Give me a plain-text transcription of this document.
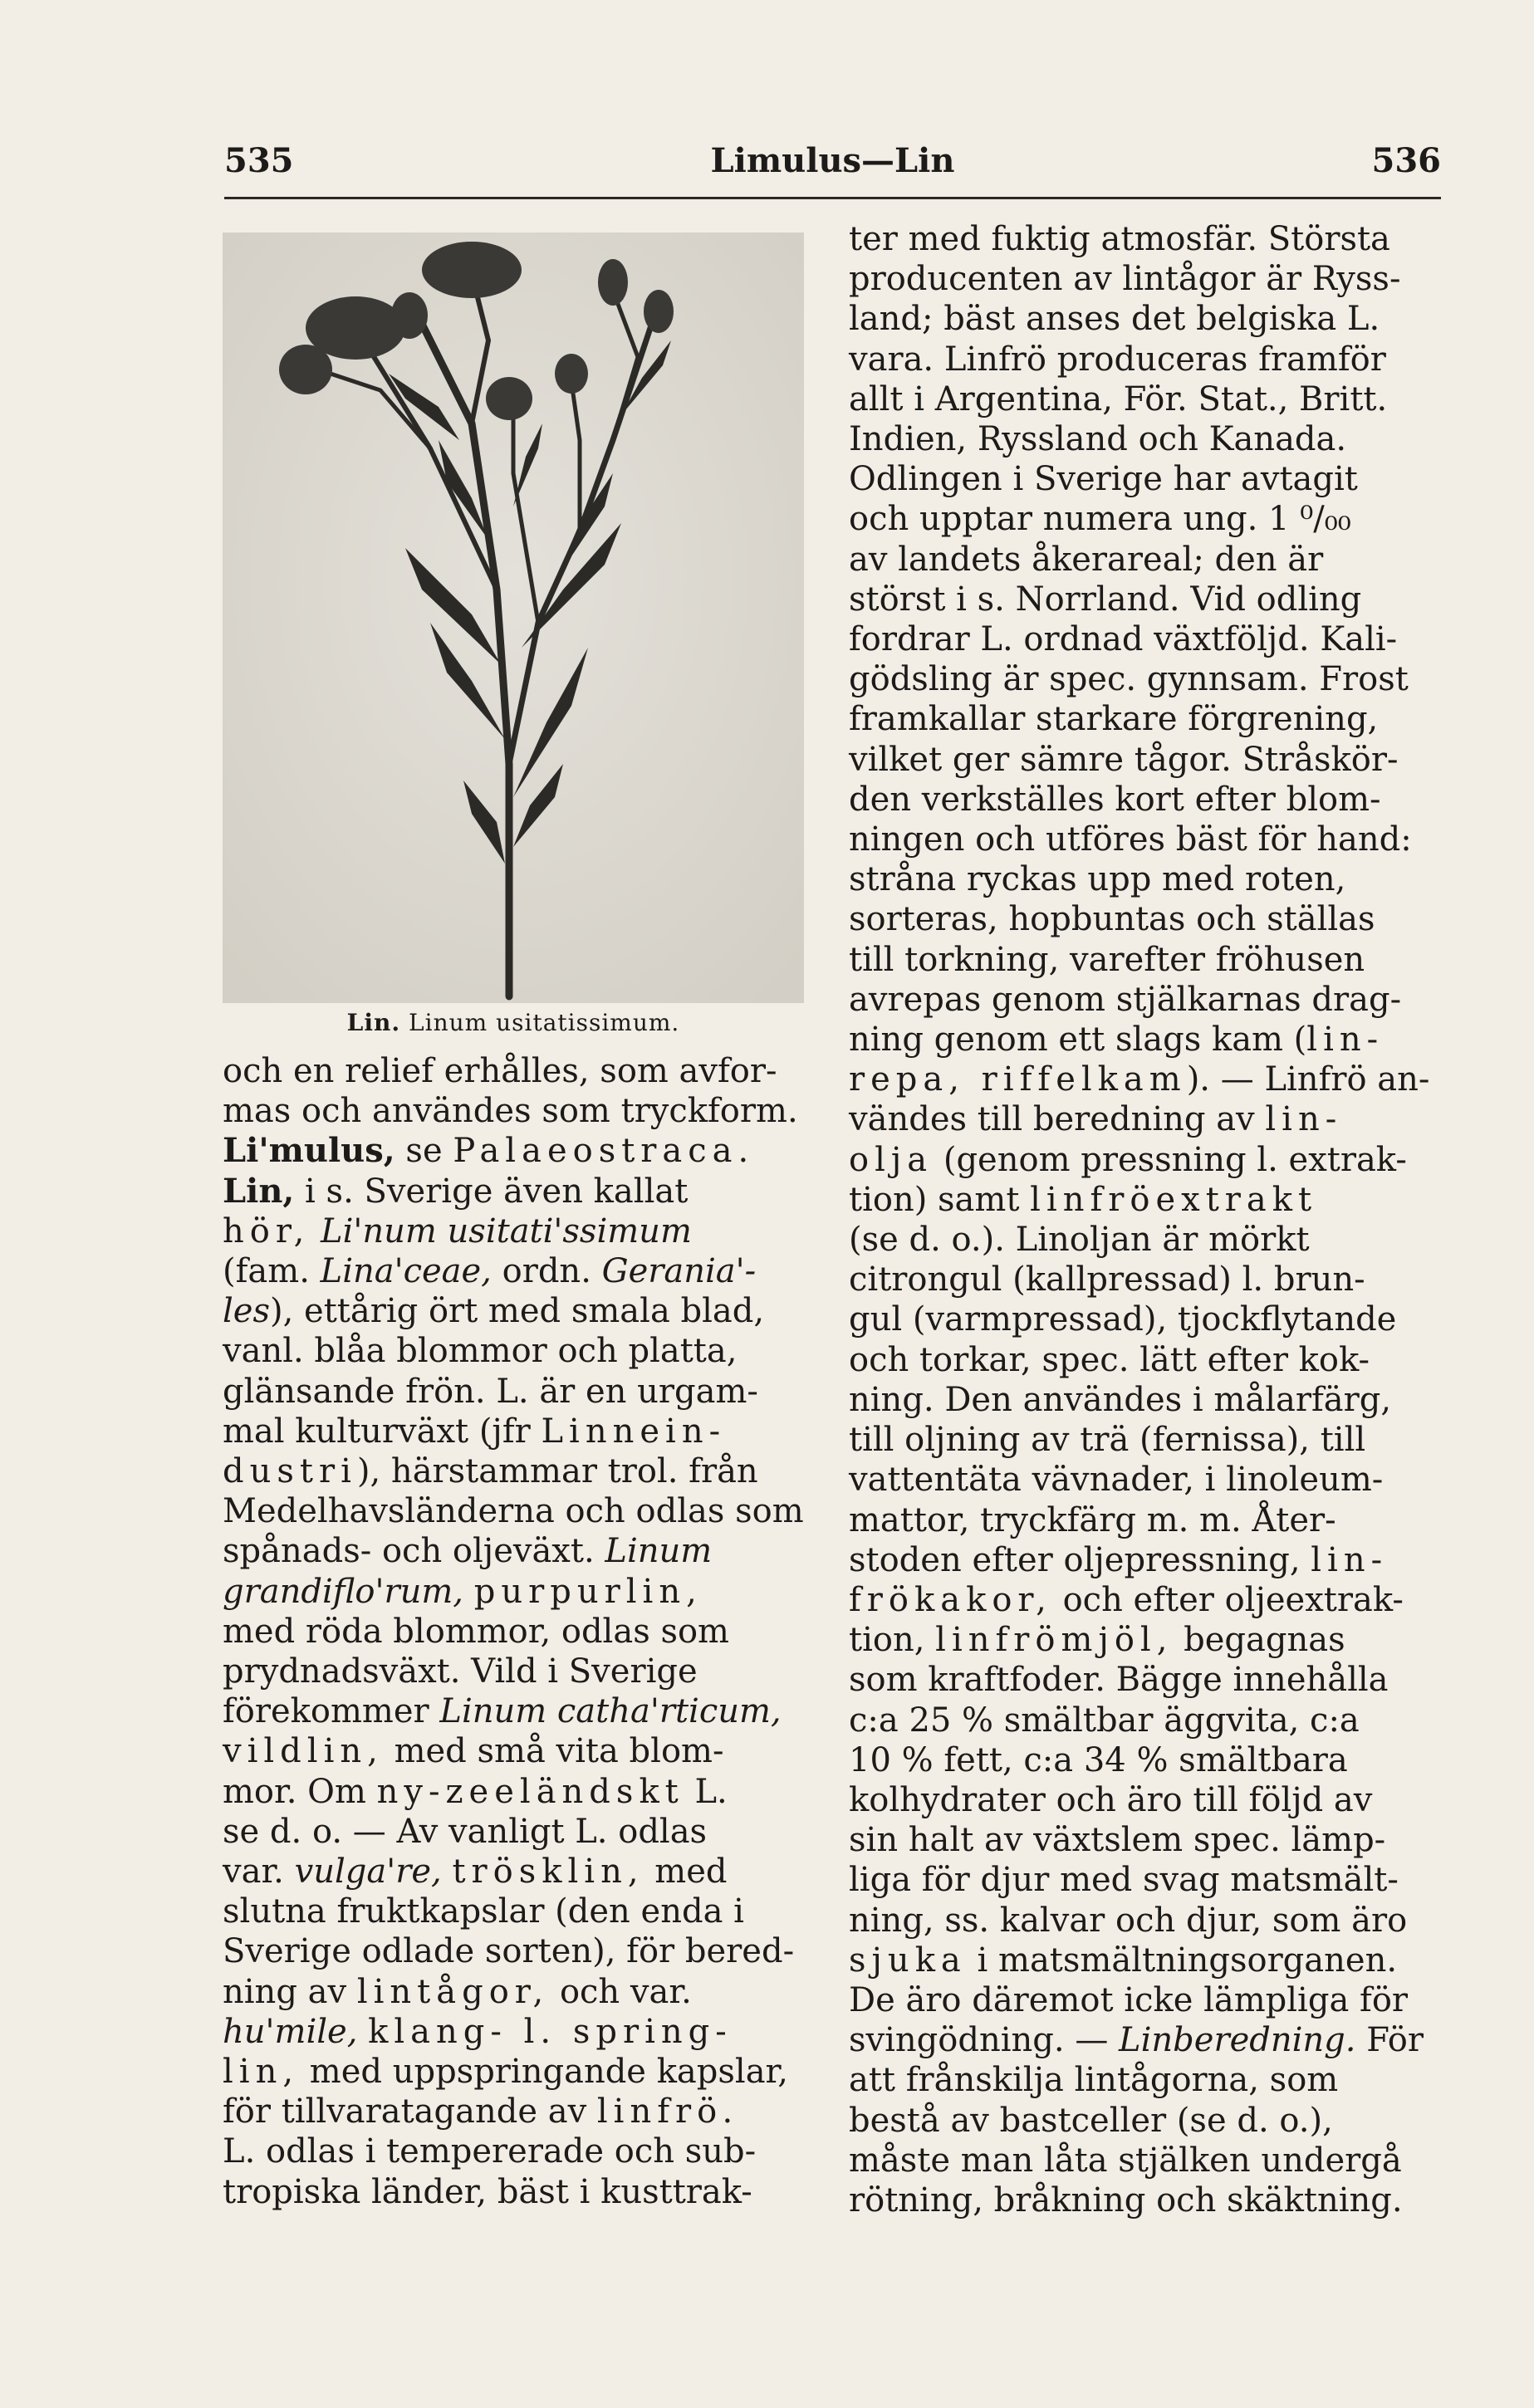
535	Limulus—Lin	536
Lin. Linum usitatissimum.

och en relief erhålles, som avfor-

mas och användes som tryckform.

Li'mulus, se Palaeostraca.

Lin, i s. Sverige även kallat

hör, Li'num usitati'ssimum

(fam. Lina'ceae, ordn. Gerania'-

les), ettårig ört med smala blad,

vanl. blåa blommor och platta,

glänsande frön. L. är en urgam-

mal kulturväxt (jfr Linnein-

dustri), härstammar trol. från

Medelhavsländerna och odlas som

spånads- och oljeväxt. Linum

grandiflo'rum, purpurlin,

med röda blommor, odlas som

prydnadsväxt. Vild i Sverige

förekommer Linum catha'rticum,

vildlin, med små vita blom-

mor. Om ny-zeeländskt L.

se d. o. — Av vanligt L. odlas

var. vulga're, trösklin, med

slutna fruktkapslar (den enda i

Sverige odlade sorten), för bered-

ning av lintågor, och var.

hu'mile, klang- l. spring-

lin, med uppspringande kapslar,

för tillvaratagande av linfrö.

L. odlas i tempererade och sub-

tropiska länder, bäst i kusttrak-

ter med fuktig atmosfär. Största

producenten av lintågor är Ryss-

land; bäst anses det belgiska L.

vara. Linfrö produceras framför

allt i Argentina, För. Stat., Britt.

Indien, Ryssland och Kanada.

Odlingen i Sverige har avtagit

och upptar numera ung. 1 ⁰/₀₀

av landets åkerareal; den är

störst i s. Norrland. Vid odling

fordrar L. ordnad växtföljd. Kali-

gödsling är spec. gynnsam. Frost

framkallar starkare förgrening,

vilket ger sämre tågor. Stråskör-

den verkställes kort efter blom-

ningen och utföres bäst för hand:

stråna ryckas upp med roten,

sorteras, hopbuntas och ställas

till torkning, varefter fröhusen

avrepas genom stjälkarnas drag-

ning genom ett slags kam (lin-

repa, riffelkam). — Linfrö an-

vändes till beredning av lin-

olja (genom pressning l. extrak-

tion) samt linfröextrakt

(se d. o.). Linoljan är mörkt

citrongul (kallpressad) l. brun-

gul (varmpressad), tjockflytande

och torkar, spec. lätt efter kok-

ning. Den användes i målarfärg,

till oljning av trä (fernissa), till

vattentäta vävnader, i linoleum-

mattor, tryckfärg m. m. Åter-

stoden efter oljepressning, lin-

frökakor, och efter oljeextrak-

tion, linfrömjöl, begagnas

som kraftfoder. Bägge innehålla

c:a 25 % smältbar äggvita, c:a

10 % fett, c:a 34 % smältbara

kolhydrater och äro till följd av

sin halt av växtslem spec. lämp-

liga för djur med svag matsmält-

ning, ss. kalvar och djur, som äro

sjuka i matsmältningsorganen.

De äro däremot icke lämpliga för

svingödning. — Linberedning. För

att frånskilja lintågorna, som

bestå av bastceller (se d. o.),

måste man låta stjälken undergå

rötning, bråkning och skäktning.
